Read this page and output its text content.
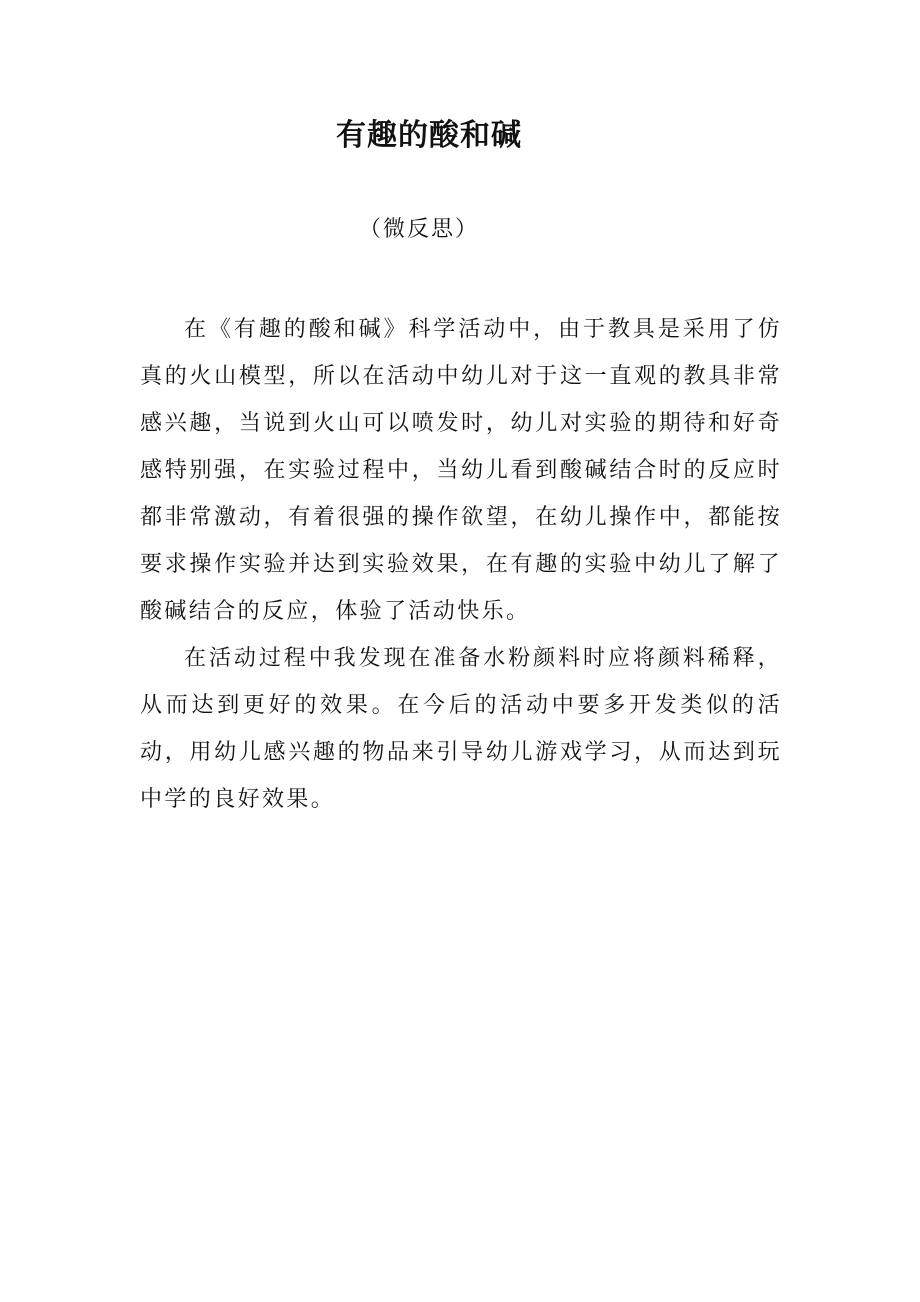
有趣的酸和碱
（微反思）

在《有趣的酸和碱》科学活动中，由于教具是采用了仿真的火山模型，所以在活动中幼儿对于这一直观的教具非常感兴趣，当说到火山可以喷发时，幼儿对实验的期待和好奇感特别强，在实验过程中，当幼儿看到酸碱结合时的反应时都非常激动，有着很强的操作欲望，在幼儿操作中，都能按要求操作实验并达到实验效果，在有趣的实验中幼儿了解了酸碱结合的反应，体验了活动快乐。

在活动过程中我发现在准备水粉颜料时应将颜料稀释，从而达到更好的效果。在今后的活动中要多开发类似的活动，用幼儿感兴趣的物品来引导幼儿游戏学习，从而达到玩中学的良好效果。
